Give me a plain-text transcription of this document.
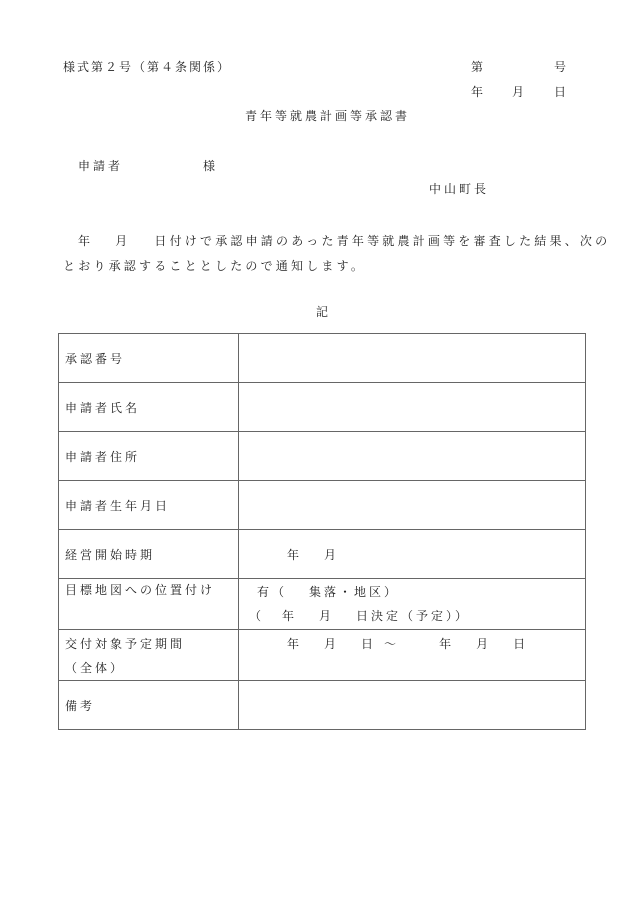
様式第２号（第４条関係）	第	号
年 月 日
青年等就農計画等承認書
申請者	様
中山町長
年 月 日付けで承認申請のあった青年等就農計画等を審査した結果、次の
とおり承認することとしたので通知します。
記
承認番号	
申請者氏名	
申請者住所	
申請者生年月日	
経営開始時期	年 月
目標地図への位置付け	有（ 集落・地区）
（ 年 月 日決定（予定））

交付対象予定期間
（全体）	年 月 日 ～ 年 月 日

備考	
